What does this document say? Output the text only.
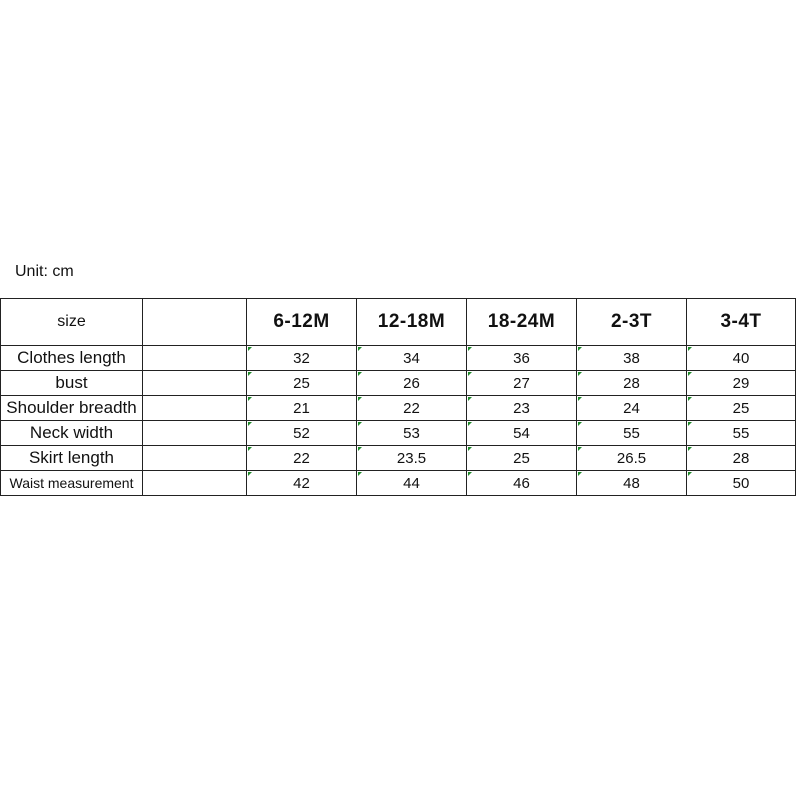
Unit: cm
size		6-12M	12-18M	18-24M	2-3T	3-4T
Clothes length		32	34	36	38	40
bust		25	26	27	28	29
Shoulder breadth		21	22	23	24	25
Neck width		52	53	54	55	55
Skirt length		22	23.5	25	26.5	28
Waist measurement		42	44	46	48	50
